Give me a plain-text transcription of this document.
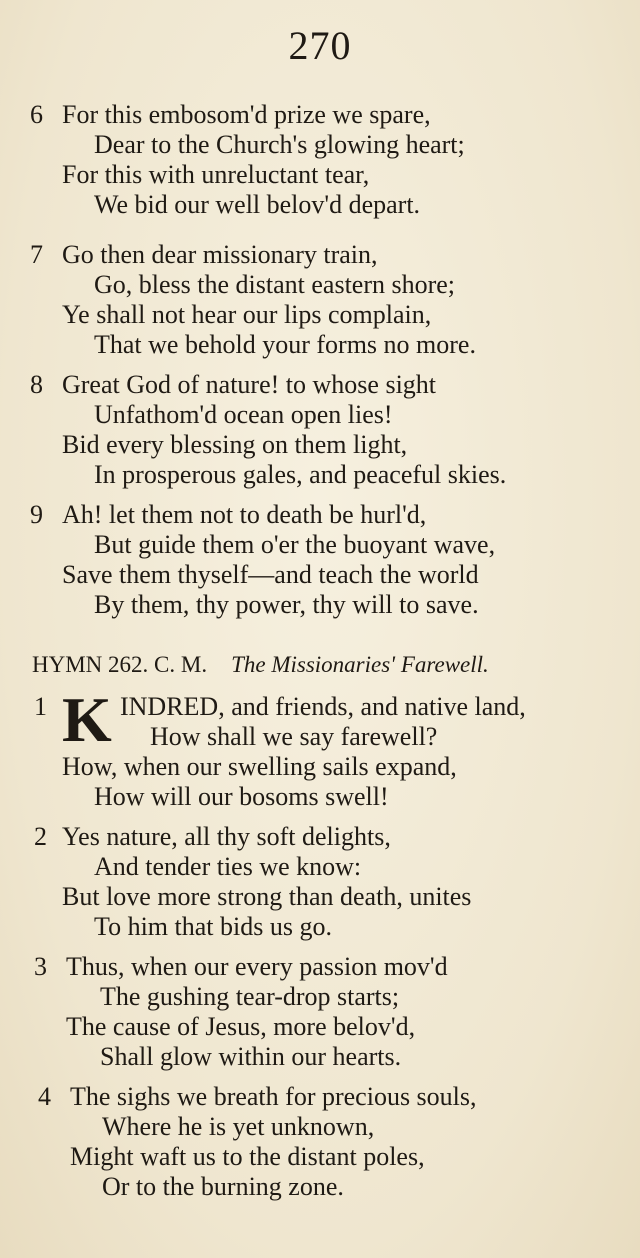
270
6 For this embosom'd prize we spare,
Dear to the Church's glowing heart;
For this with unreluctant tear,
We bid our well belov'd depart.
7 Go then dear missionary train,
Go, bless the distant eastern shore;
Ye shall not hear our lips complain,
That we behold your forms no more.
8 Great God of nature! to whose sight
Unfathom'd ocean open lies!
Bid every blessing on them light,
In prosperous gales, and peaceful skies.
9 Ah! let them not to death be hurl'd,
But guide them o'er the buoyant wave,
Save them thyself—and teach the world
By them, thy power, thy will to save.
HYMN 262. C. M. The Missionaries' Farewell.
1 K INDRED, and friends, and native land,
How shall we say farewell?
How, when our swelling sails expand,
How will our bosoms swell!
2 Yes nature, all thy soft delights,
And tender ties we know:
But love more strong than death, unites
To him that bids us go.
3 Thus, when our every passion mov'd
The gushing tear-drop starts;
The cause of Jesus, more belov'd,
Shall glow within our hearts.
4 The sighs we breath for precious souls,
Where he is yet unknown,
Might waft us to the distant poles,
Or to the burning zone.
